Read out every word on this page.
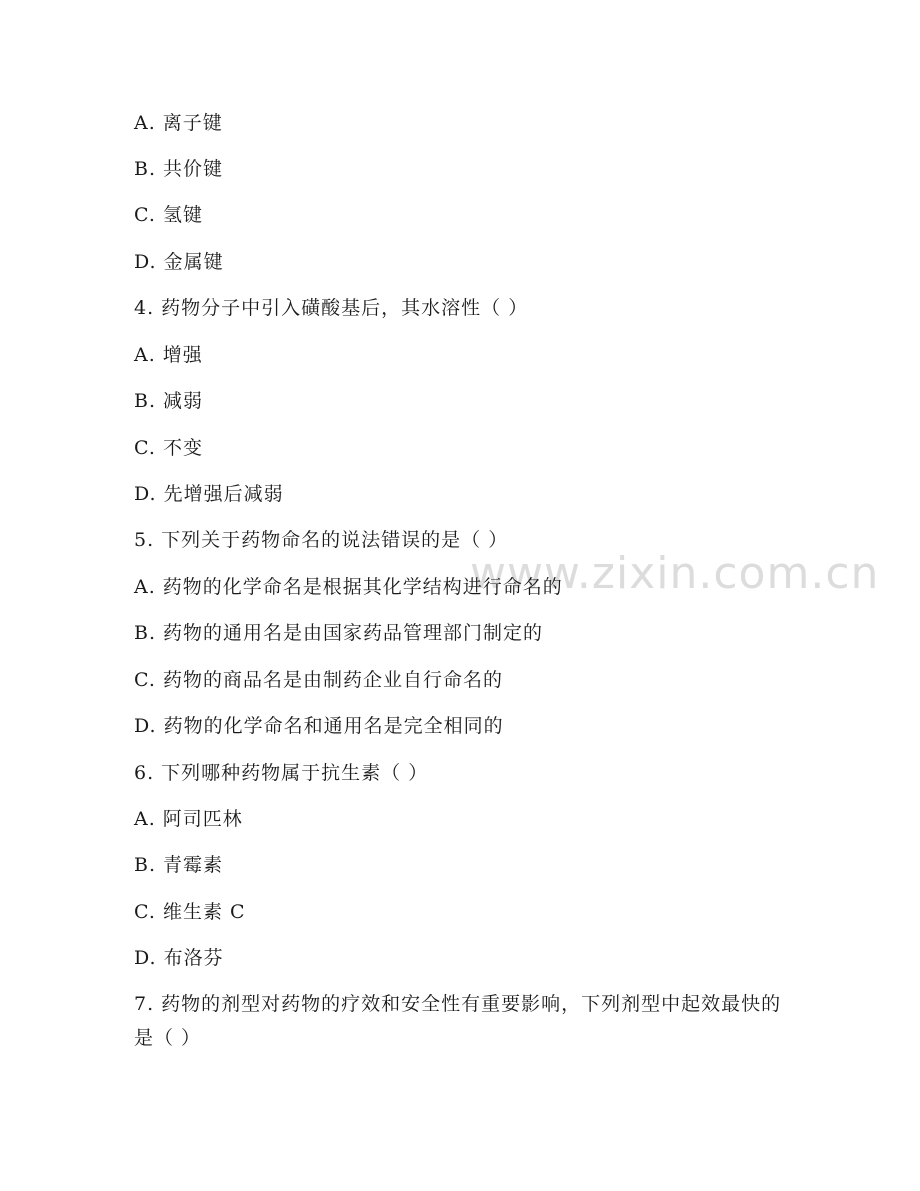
www.zixin.com.cn
A. 离子键
B. 共价键
C. 氢键
D. 金属键
4. 药物分子中引入磺酸基后，其水溶性（ ）
A. 增强
B. 减弱
C. 不变
D. 先增强后减弱
5. 下列关于药物命名的说法错误的是（ ）
A. 药物的化学命名是根据其化学结构进行命名的
B. 药物的通用名是由国家药品管理部门制定的
C. 药物的商品名是由制药企业自行命名的
D. 药物的化学命名和通用名是完全相同的
6. 下列哪种药物属于抗生素（ ）
A. 阿司匹林
B. 青霉素
C. 维生素 C
D. 布洛芬
7. 药物的剂型对药物的疗效和安全性有重要影响，下列剂型中起效最快的是（ ）
